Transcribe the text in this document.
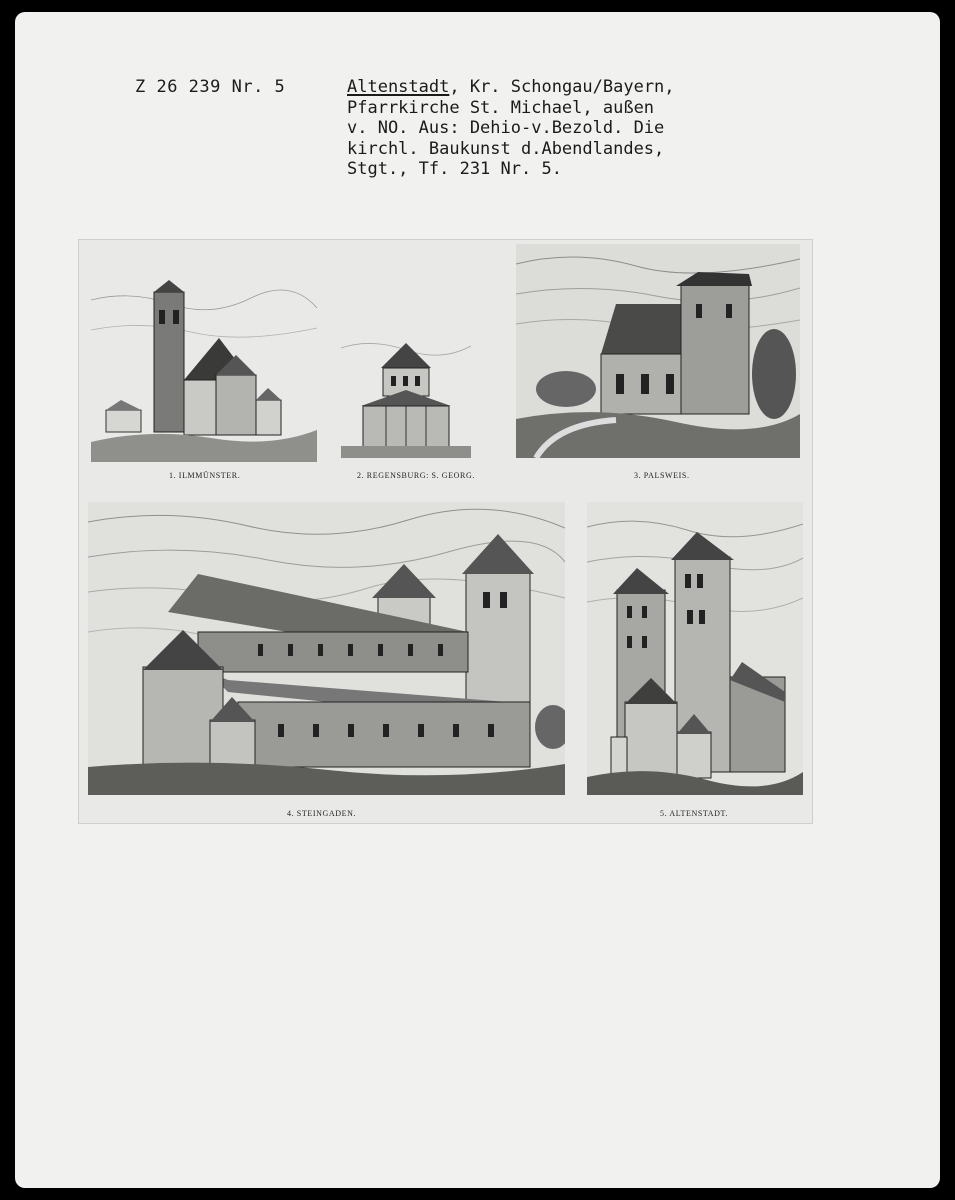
Z 26 239 Nr. 5	Altenstadt, Kr. Schongau/Bayern,
Pfarrkirche St. Michael, außen
v. NO. Aus: Dehio-v.Bezold. Die
kirchl. Baukunst d.Abendlandes,
Stgt., Tf. 231 Nr. 5.
1. ILMMÜNSTER.	2. REGENSBURG: S. GEORG.	3. PALSWEIS.
4. STEINGADEN.	5. ALTENSTADT.
